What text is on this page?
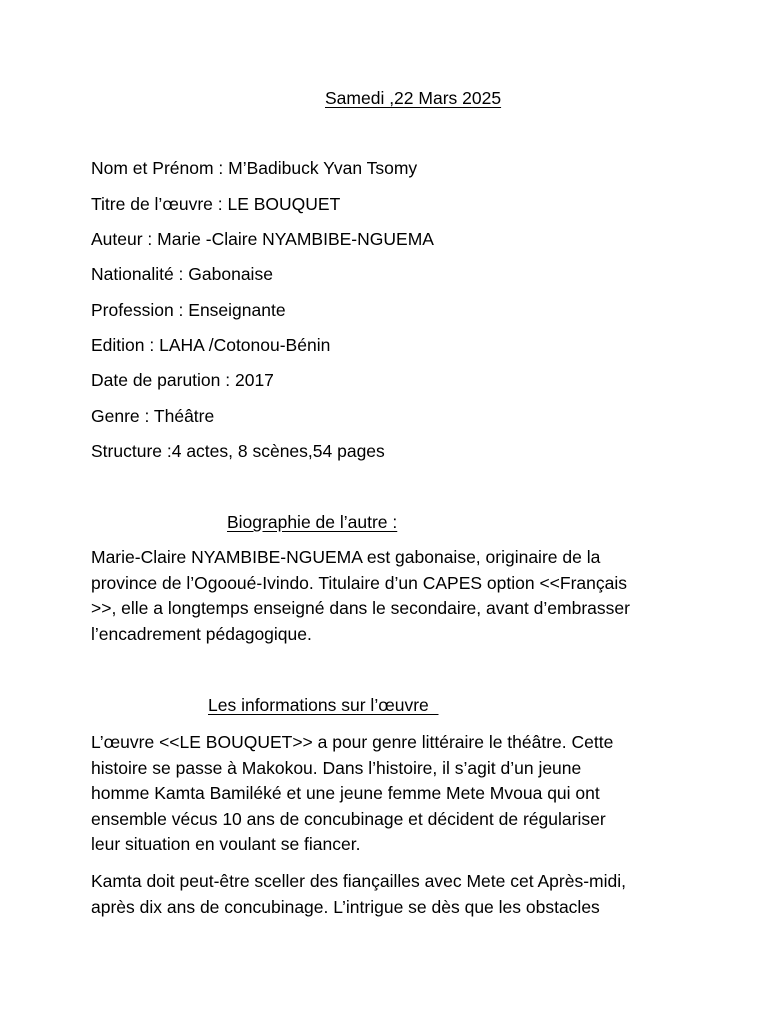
Samedi ,22 Mars 2025
Nom et Prénom : M’Badibuck Yvan Tsomy
Titre de l’œuvre : LE BOUQUET
Auteur : Marie -Claire NYAMBIBE-NGUEMA
Nationalité : Gabonaise
Profession : Enseignante
Edition : LAHA /Cotonou-Bénin
Date de parution : 2017
Genre : Théâtre
Structure :4 actes, 8 scènes,54 pages
Biographie de l’autre :
Marie-Claire NYAMBIBE-NGUEMA est gabonaise, originaire de la
province de l’Ogooué-Ivindo. Titulaire d’un CAPES option <<Français
>>, elle a longtemps enseigné dans le secondaire, avant d’embrasser
l’encadrement pédagogique.
Les informations sur l’œuvre
L’œuvre <<LE BOUQUET>> a pour genre littéraire le théâtre. Cette
histoire se passe à Makokou. Dans l’histoire, il s’agit d’un jeune
homme Kamta Bamiléké et une jeune femme Mete Mvoua qui ont
ensemble vécus 10 ans de concubinage et décident de régulariser
leur situation en voulant se fiancer.
Kamta doit peut-être sceller des fiançailles avec Mete cet Après-midi,
après dix ans de concubinage. L’intrigue se dès que les obstacles
